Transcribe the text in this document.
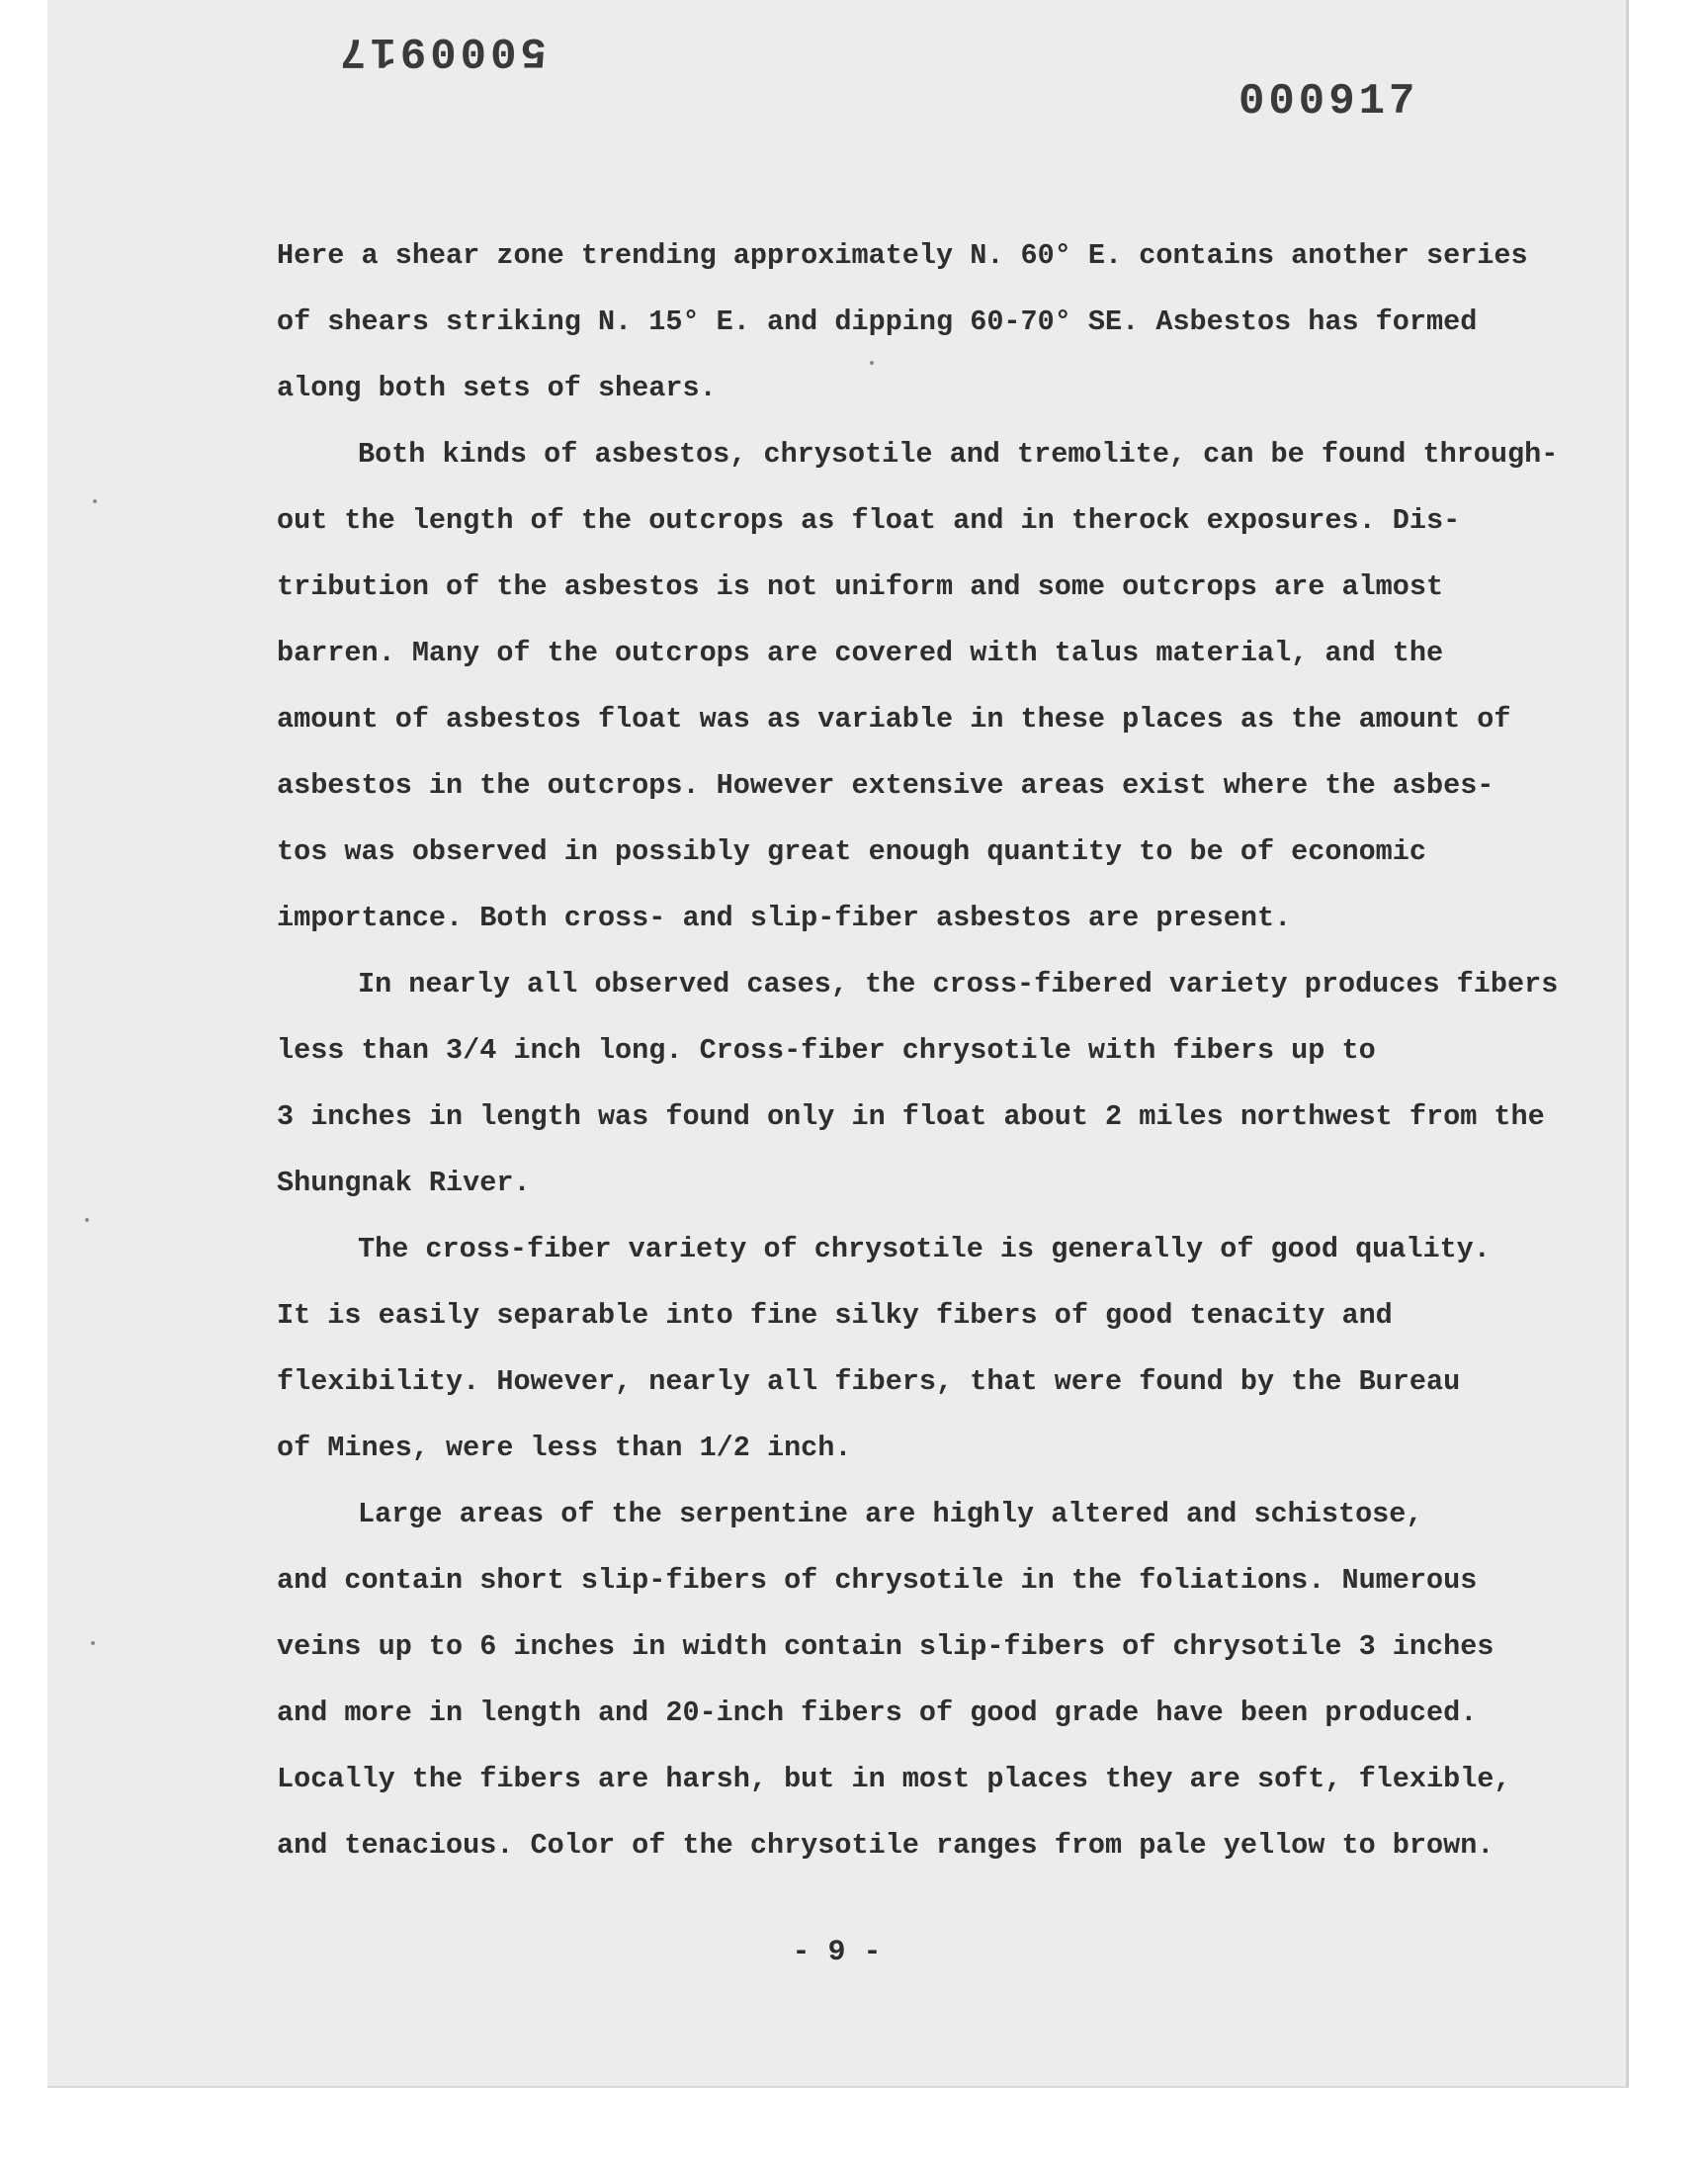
5000917
000917

Here a shear zone trending approximately N. 60° E. contains another series
of shears striking N. 15° E. and dipping 60-70° SE. Asbestos has formed
along both sets of shears.

Both kinds of asbestos, chrysotile and tremolite, can be found through-
out the length of the outcrops as float and in therock exposures. Dis-
tribution of the asbestos is not uniform and some outcrops are almost
barren. Many of the outcrops are covered with talus material, and the
amount of asbestos float was as variable in these places as the amount of
asbestos in the outcrops. However extensive areas exist where the asbes-
tos was observed in possibly great enough quantity to be of economic
importance. Both cross- and slip-fiber asbestos are present.

In nearly all observed cases, the cross-fibered variety produces fibers
less than 3/4 inch long. Cross-fiber chrysotile with fibers up to
3 inches in length was found only in float about 2 miles northwest from the
Shungnak River.

The cross-fiber variety of chrysotile is generally of good quality.
It is easily separable into fine silky fibers of good tenacity and
flexibility. However, nearly all fibers, that were found by the Bureau
of Mines, were less than 1/2 inch.

Large areas of the serpentine are highly altered and schistose,
and contain short slip-fibers of chrysotile in the foliations. Numerous
veins up to 6 inches in width contain slip-fibers of chrysotile 3 inches
and more in length and 20-inch fibers of good grade have been produced.
Locally the fibers are harsh, but in most places they are soft, flexible,
and tenacious. Color of the chrysotile ranges from pale yellow to brown.

- 9 -
